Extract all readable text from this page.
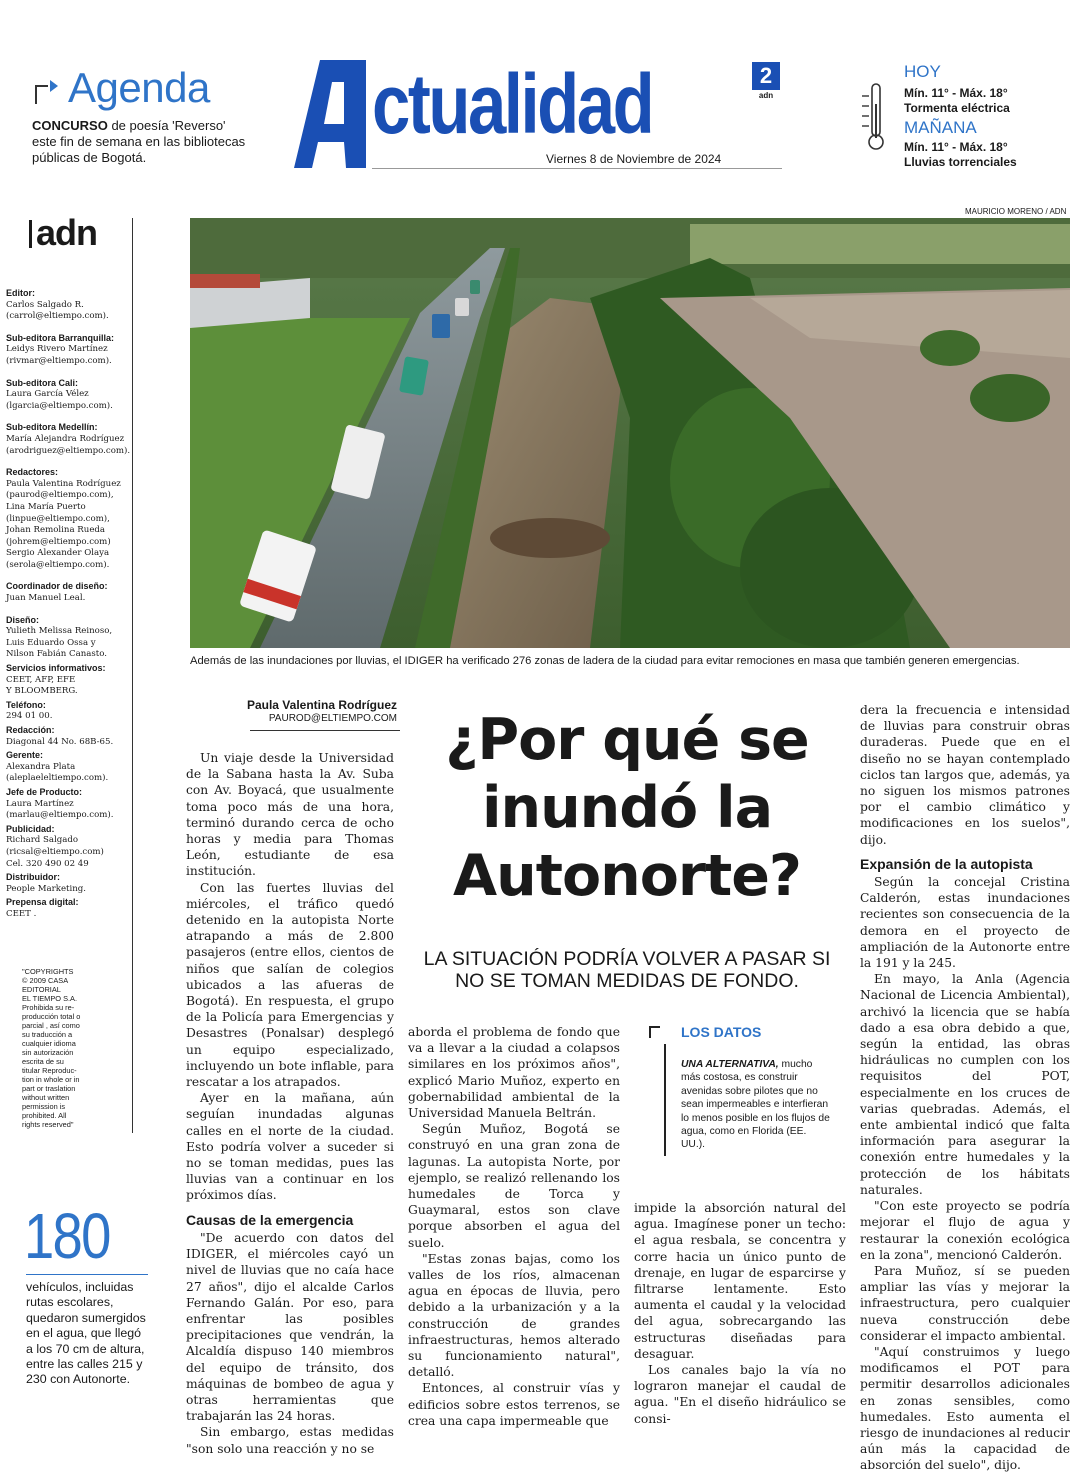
Agenda
CONCURSO de poesía 'Reverso' este fin de semana en las bibliotecas públicas de Bogotá.
ctualidad	2
adn
Viernes 8 de Noviembre de 2024
HOY
Mín. 11° - Máx. 18°
Tormenta eléctrica
MAÑANA
Mín. 11° - Máx. 18°
Lluvias torrenciales
adn
Editor:
Carlos Salgado R.
(carrol@eltiempo.com).
Sub-editora Barranquilla:
Leidys Rivero Martínez
(rivmar@eltiempo.com).
Sub-editora Cali:
Laura García Vélez
(lgarcia@eltiempo.com).
Sub-editora Medellín:
María Alejandra Rodríguez
(arodriguez@eltiempo.com).
Redactores:
Paula Valentina Rodríguez
(paurod@eltiempo.com),
Lina María Puerto
(linpue@eltiempo.com),
Johan Remolina Rueda
(johrem@eltiempo.com)
Sergio Alexander Olaya
(serola@eltiempo.com).
Coordinador de diseño:
Juan Manuel Leal.
Diseño:
Yulieth Melissa Reinoso,
Luis Eduardo Ossa y
Nilson Fabián Canasto.
Servicios informativos:
CEET, AFP, EFE
Y BLOOMBERG.
Teléfono:
294 01 00.
Redacción:
Diagonal 44 No. 68B-65.
Gerente:
Alexandra Plata
(aleplaeleltiempo.com).
Jefe de Producto:
Laura Martínez
(marlau@eltiempo.com).
Publicidad:
Richard Salgado
(ricsal@eltiempo.com)
Cel. 320 490 02 49
Distribuidor:
People Marketing.
Prepensa digital:
CEET .
"COPYRIGHTS
© 2009 CASA
EDITORIAL
EL TIEMPO S.A.
Prohibida su re-
producción total o
parcial , así como
su traducción a
cualquier idioma
sin autorización
escrita de su
titular Reproduc-
tion in whole or in
part or traslation
without written
permission is
prohibited. All
rights reserved"
180
vehículos, incluidas rutas escolares, quedaron sumergidos en el agua, que llegó a los 70 cm de altura, entre las calles 215 y 230 con Autonorte.
MAURICIO MORENO / ADN
Además de las inundaciones por lluvias, el IDIGER ha verificado 276 zonas de ladera de la ciudad para evitar remociones en masa que también generen emergencias.
Paula Valentina Rodríguez
PAUROD@ELTIEMPO.COM

Un viaje desde la Universidad de la Sabana hasta la Av. Suba con Av. Boyacá, que usualmente toma poco más de una hora, terminó durando cerca de ocho horas y media para Thomas León, estudiante de esa institución.

Con las fuertes lluvias del miércoles, el tráfico quedó detenido en la autopista Norte atrapando a más de 2.800 pasajeros (entre ellos, cientos de niños que salían de colegios ubicados a las afueras de Bogotá). En respuesta, el grupo de la Policía para Emergencias y Desastres (Ponalsar) desplegó un equipo especializado, incluyendo un bote inflable, para rescatar a los atrapados.

Ayer en la mañana, aún seguían inundadas algunas calles en el norte de la ciudad. Esto podría volver a suceder si no se toman medidas, pues las lluvias van a continuar en los próximos días.

Causas de la emergencia

"De acuerdo con datos del IDIGER, el miércoles cayó un nivel de lluvias que no caía hace 27 años", dijo el alcalde Carlos Fernando Galán. Por eso, para enfrentar las posibles precipitaciones que vendrán, la Alcaldía dispuso 140 miembros del equipo de tránsito, dos máquinas de bombeo de agua y otras herramientas que trabajarán las 24 horas.

Sin embargo, estas medidas "son solo una reacción y no se

¿Por qué se inundó la Autonorte?
LA SITUACIÓN PODRÍA VOLVER A PASAR SI NO SE TOMAN MEDIDAS DE FONDO.

aborda el problema de fondo que va a llevar a la ciudad a colapsos similares en los próximos años", explicó Mario Muñoz, experto en gobernabilidad ambiental de la Universidad Manuela Beltrán.

Según Muñoz, Bogotá se construyó en una gran zona de lagunas. La autopista Norte, por ejemplo, se realizó rellenando los humedales de Torca y Guaymaral, estos son clave porque absorben el agua del suelo.

"Estas zonas bajas, como los valles de los ríos, almacenan agua en épocas de lluvia, pero debido a la urbanización y a la construcción de grandes infraestructuras, hemos alterado su funcionamiento natural", detalló.

Entonces, al construir vías y edificios sobre estos terrenos, se crea una capa impermeable que

LOS DATOS
UNA ALTERNATIVA, mucho más costosa, es construir avenidas sobre pilotes que no sean impermeables e interfieran lo menos posible en los flujos de agua, como en Florida (EE. UU.).

impide la absorción natural del agua. Imagínese poner un techo: el agua resbala, se concentra y corre hacia un único punto de drenaje, en lugar de esparcirse y filtrarse lentamente. Esto aumenta el caudal y la velocidad del agua, sobrecargando las estructuras diseñadas para desaguar.

Los canales bajo la vía no lograron manejar el caudal de agua. "En el diseño hidráulico se consi-

dera la frecuencia e intensidad de lluvias para construir obras duraderas. Puede que en el diseño no se hayan contemplado ciclos tan largos que, además, ya no siguen los mismos patrones por el cambio climático y modificaciones en los suelos", dijo.

Expansión de la autopista

Según la concejal Cristina Calderón, estas inundaciones recientes son consecuencia de la demora en el proyecto de ampliación de la Autonorte entre la 191 y la 245.

En mayo, la Anla (Agencia Nacional de Licencia Ambiental), archivó la licencia que se había dado a esa obra debido a que, según la entidad, las obras hidráulicas no cumplen con los requisitos del POT, especialmente en los cruces de varias quebradas. Además, el ente ambiental indicó que falta información para asegurar la conexión entre humedales y la protección de los hábitats naturales.

"Con este proyecto se podría mejorar el flujo de agua y restaurar la conexión ecológica en la zona", mencionó Calderón.

Para Muñoz, sí se pueden ampliar las vías y mejorar la infraestructura, pero cualquier nueva construcción debe considerar el impacto ambiental.

"Aquí construimos y luego modificamos el POT para permitir desarrollos adicionales en zonas sensibles, como humedales. Esto aumenta el riesgo de inundaciones al reducir aún más la capacidad de absorción del suelo", dijo.
